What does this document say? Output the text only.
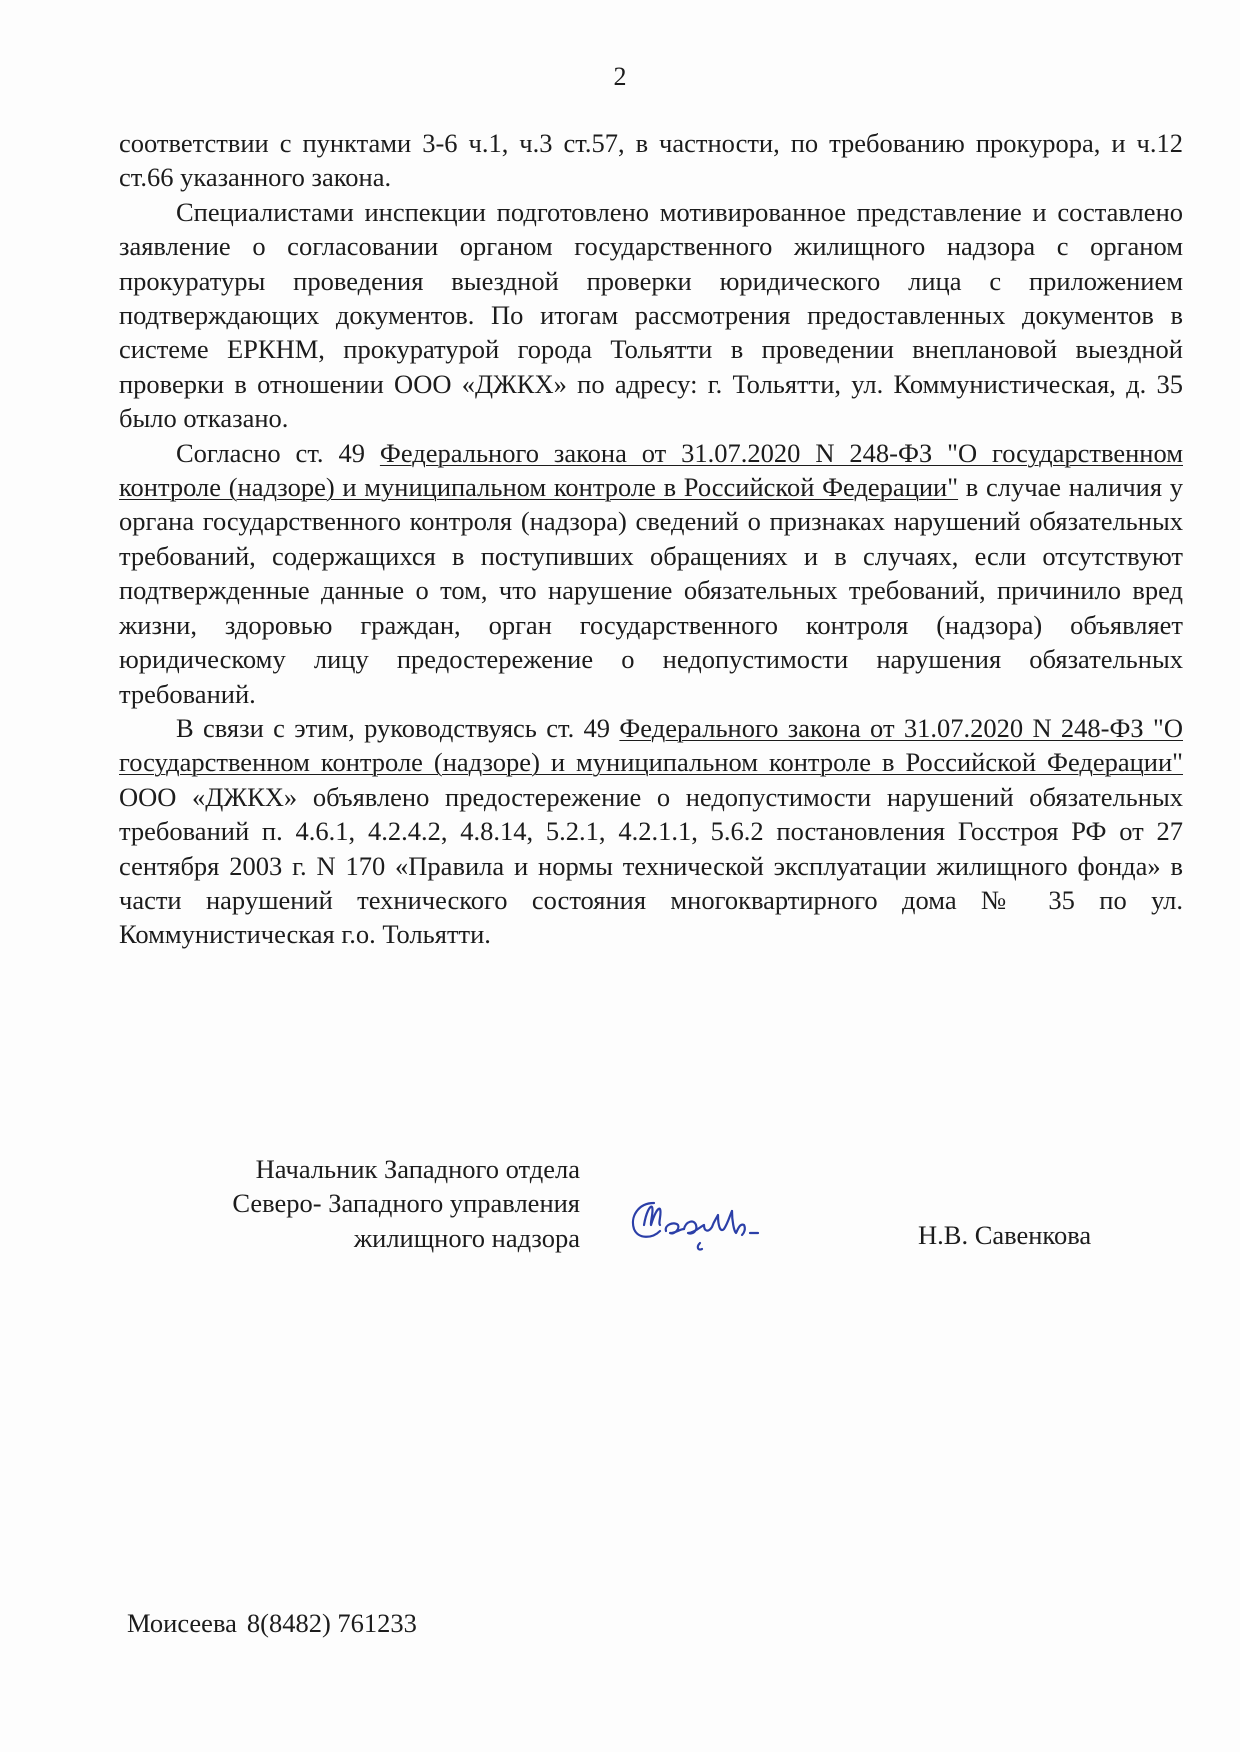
2

соответствии с пунктами 3-6 ч.1, ч.3 ст.57, в частности, по требованию прокурора, и ч.12 ст.66 указанного закона.

Специалистами инспекции подготовлено мотивированное представление и составлено заявление о согласовании органом государственного жилищного надзора с органом прокуратуры проведения выездной проверки юридического лица с приложением подтверждающих документов. По итогам рассмотрения предоставленных документов в системе ЕРКНМ, прокуратурой города Тольятти в проведении внеплановой выездной проверки в отношении ООО «ДЖКХ» по адресу: г. Тольятти, ул. Коммунистическая, д. 35 было отказано.

Согласно ст. 49 Федерального закона от 31.07.2020 N 248-ФЗ "О государственном контроле (надзоре) и муниципальном контроле в Российской Федерации" в случае наличия у органа государственного контроля (надзора) сведений о признаках нарушений обязательных требований, содержащихся в поступивших обращениях и в случаях, если отсутствуют подтвержденные данные о том, что нарушение обязательных требований, причинило вред жизни, здоровью граждан, орган государственного контроля (надзора) объявляет юридическому лицу предостережение о недопустимости нарушения обязательных требований.

В связи с этим, руководствуясь ст. 49 Федерального закона от 31.07.2020 N 248-ФЗ "О государственном контроле (надзоре) и муниципальном контроле в Российской Федерации" ООО «ДЖКХ» объявлено предостережение о недопустимости нарушений обязательных требований п. 4.6.1, 4.2.4.2, 4.8.14, 5.2.1, 4.2.1.1, 5.6.2 постановления Госстроя РФ от 27 сентября 2003 г. N 170 «Правила и нормы технической эксплуатации жилищного фонда» в части нарушений технического состояния многоквартирного дома № 35 по ул. Коммунистическая г.о. Тольятти.

Начальник Западного отдела
Северо- Западного управления
жилищного надзора	Н.В. Савенкова
Моисеева 8(8482) 761233
